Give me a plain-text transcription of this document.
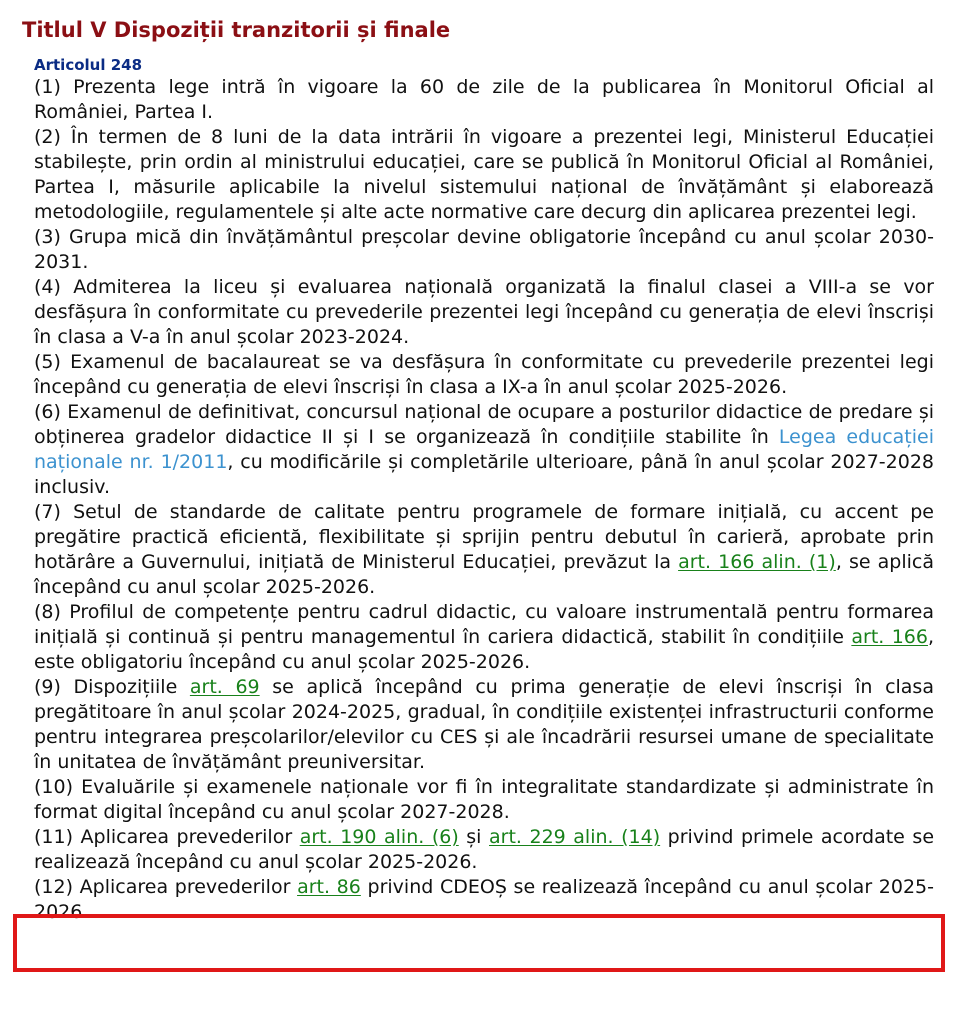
Titlul V Dispoziții tranzitorii și finale
Articolul 248

(1) Prezenta lege intră în vigoare la 60 de zile de la publicarea în Monitorul Oficial al României, Partea I.

(2) În termen de 8 luni de la data intrării în vigoare a prezentei legi, Ministerul Educației stabilește, prin ordin al ministrului educației, care se publică în Monitorul Oficial al României, Partea I, măsurile aplicabile la nivelul sistemului național de învățământ și elaborează metodologiile, regulamentele și alte acte normative care decurg din aplicarea prezentei legi.

(3) Grupa mică din învățământul preșcolar devine obligatorie începând cu anul școlar 2030-2031.

(4) Admiterea la liceu și evaluarea națională organizată la finalul clasei a VIII-a se vor desfășura în conformitate cu prevederile prezentei legi începând cu generația de elevi înscriși în clasa a V-a în anul școlar 2023-2024.

(5) Examenul de bacalaureat se va desfășura în conformitate cu prevederile prezentei legi începând cu generația de elevi înscriși în clasa a IX-a în anul școlar 2025-2026.

(6) Examenul de definitivat, concursul național de ocupare a posturilor didactice de predare și obținerea gradelor didactice II și I se organizează în condițiile stabilite în Legea educației naționale nr. 1/2011, cu modificările și completările ulterioare, până în anul școlar 2027-2028 inclusiv.

(7) Setul de standarde de calitate pentru programele de formare inițială, cu accent pe pregătire practică eficientă, flexibilitate și sprijin pentru debutul în carieră, aprobate prin hotărâre a Guvernului, inițiată de Ministerul Educației, prevăzut la art. 166 alin. (1), se aplică începând cu anul școlar 2025-2026.

(8) Profilul de competențe pentru cadrul didactic, cu valoare instrumentală pentru formarea inițială și continuă și pentru managementul în cariera didactică, stabilit în condițiile art. 166, este obligatoriu începând cu anul școlar 2025-2026.

(9) Dispozițiile art. 69 se aplică începând cu prima generație de elevi înscriși în clasa pregătitoare în anul școlar 2024-2025, gradual, în condițiile existenței infrastructurii conforme pentru integrarea preșcolarilor/elevilor cu CES și ale încadrării resursei umane de specialitate în unitatea de învățământ preuniversitar.

(10) Evaluările și examenele naționale vor fi în integralitate standardizate și administrate în format digital începând cu anul școlar 2027-2028.

(11) Aplicarea prevederilor art. 190 alin. (6) și art. 229 alin. (14) privind primele acordate se realizează începând cu anul școlar 2025-2026.

(12) Aplicarea prevederilor art. 86 privind CDEOȘ se realizează începând cu anul școlar 2025-2026.
